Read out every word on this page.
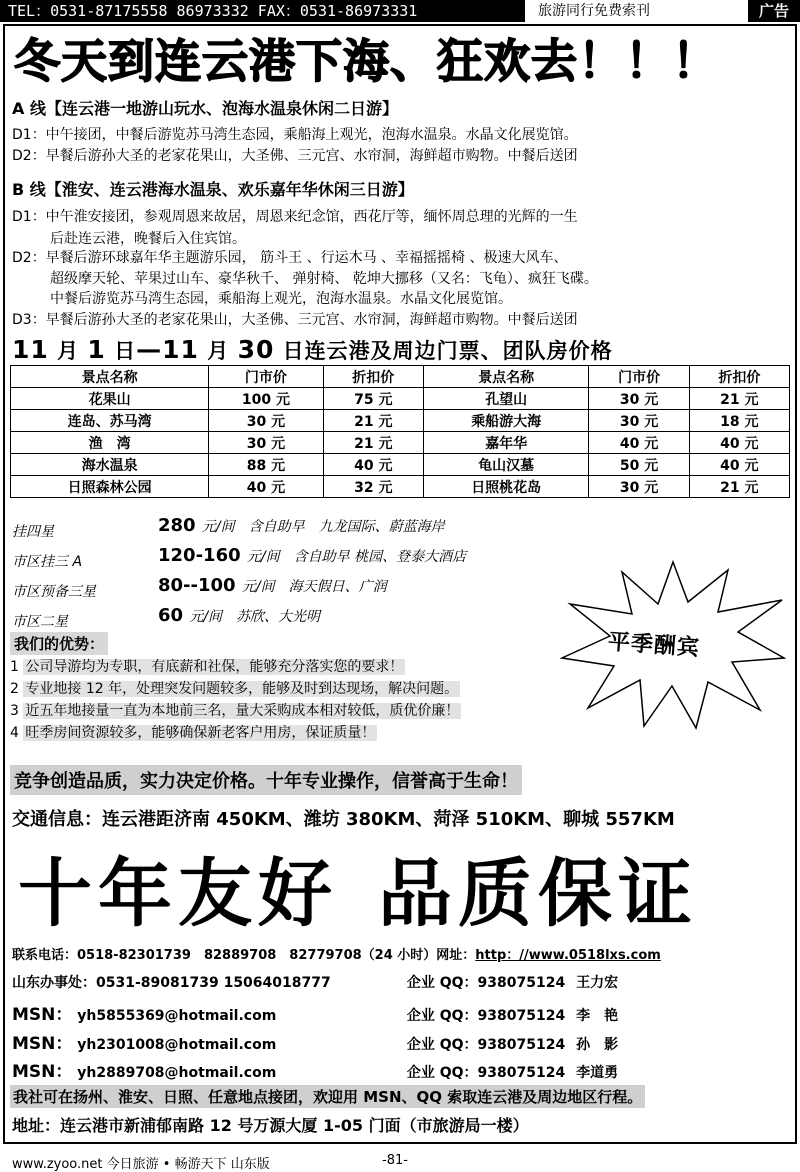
TEL：0531-87175558 86973332 FAX：0531-86973331	旅游同行免费索刊	广告
冬天到连云港下海、狂欢去！！！
A 线【连云港一地游山玩水、泡海水温泉休闲二日游】
D1：中午接团，中餐后游览苏马湾生态园，乘船海上观光，泡海水温泉。水晶文化展览馆。
D2：早餐后游孙大圣的老家花果山，大圣佛、三元宫、水帘洞，海鲜超市购物。中餐后送团
B 线【淮安、连云港海水温泉、欢乐嘉年华休闲三日游】
D1：中午淮安接团，参观周恩来故居，周恩来纪念馆，西花厅等，缅怀周总理的光辉的一生
后赴连云港，晚餐后入住宾馆。
D2：早餐后游环球嘉年华主题游乐园， 筋斗王 、行运木马 、幸福摇摇椅 、极速大风车、
超级摩天轮、苹果过山车、豪华秋千、 弹射椅、 乾坤大挪移（又名：飞龟）、疯狂飞碟。
中餐后游览苏马湾生态园，乘船海上观光，泡海水温泉。水晶文化展览馆。
D3：早餐后游孙大圣的老家花果山，大圣佛、三元宫、水帘洞，海鲜超市购物。中餐后送团
11 月 1 日—11 月 30 日连云港及周边门票、团队房价格
景点名称	门市价	折扣价	景点名称	门市价	折扣价
花果山	100 元	75 元	孔望山	30 元	21 元
连岛、苏马湾	30 元	21 元	乘船游大海	30 元	18 元
渔　湾	30 元	21 元	嘉年华	40 元	40 元
海水温泉	88 元	40 元	龟山汉墓	50 元	40 元
日照森林公园	40 元	32 元	日照桃花岛	30 元	21 元
挂四星	280 元/间 含自助早　九龙国际、蔚蓝海岸
市区挂三 A	120-160 元/间 含自助早 桃园、登泰大酒店
市区预备三星	80--100 元/间 海天假日、广润
市区二星	60 元/间 苏欣、大光明
平季酬宾
我们的优势：
1 公司导游均为专职，有底薪和社保，能够充分落实您的要求！
2 专业地接 12 年，处理突发问题较多，能够及时到达现场，解决问题。
3 近五年地接量一直为本地前三名，量大采购成本相对较低，质优价廉！
4 旺季房间资源较多，能够确保新老客户用房，保证质量！
竞争创造品质，实力决定价格。十年专业操作，信誉高于生命！
交通信息：连云港距济南 450KM、潍坊 380KM、菏泽 510KM、聊城 557KM
十年友好 品质保证
联系电话：0518-82301739　82889708　82779708（24 小时）网址：http：//www.0518lxs.com
山东办事处：0531-89081739 15064018777	企业 QQ：938075124 王力宏
MSN： yh5855369@hotmail.com	企业 QQ：938075124 李　艳
MSN： yh2301008@hotmail.com	企业 QQ：938075124 孙　影
MSN： yh2889708@hotmail.com	企业 QQ：938075124 李道勇
我社可在扬州、淮安、日照、任意地点接团，欢迎用 MSN、QQ 索取连云港及周边地区行程。
地址：连云港市新浦郁南路 12 号万源大厦 1-05 门面（市旅游局一楼）
www.zyoo.net 今日旅游 • 畅游天下 山东版	-81-
